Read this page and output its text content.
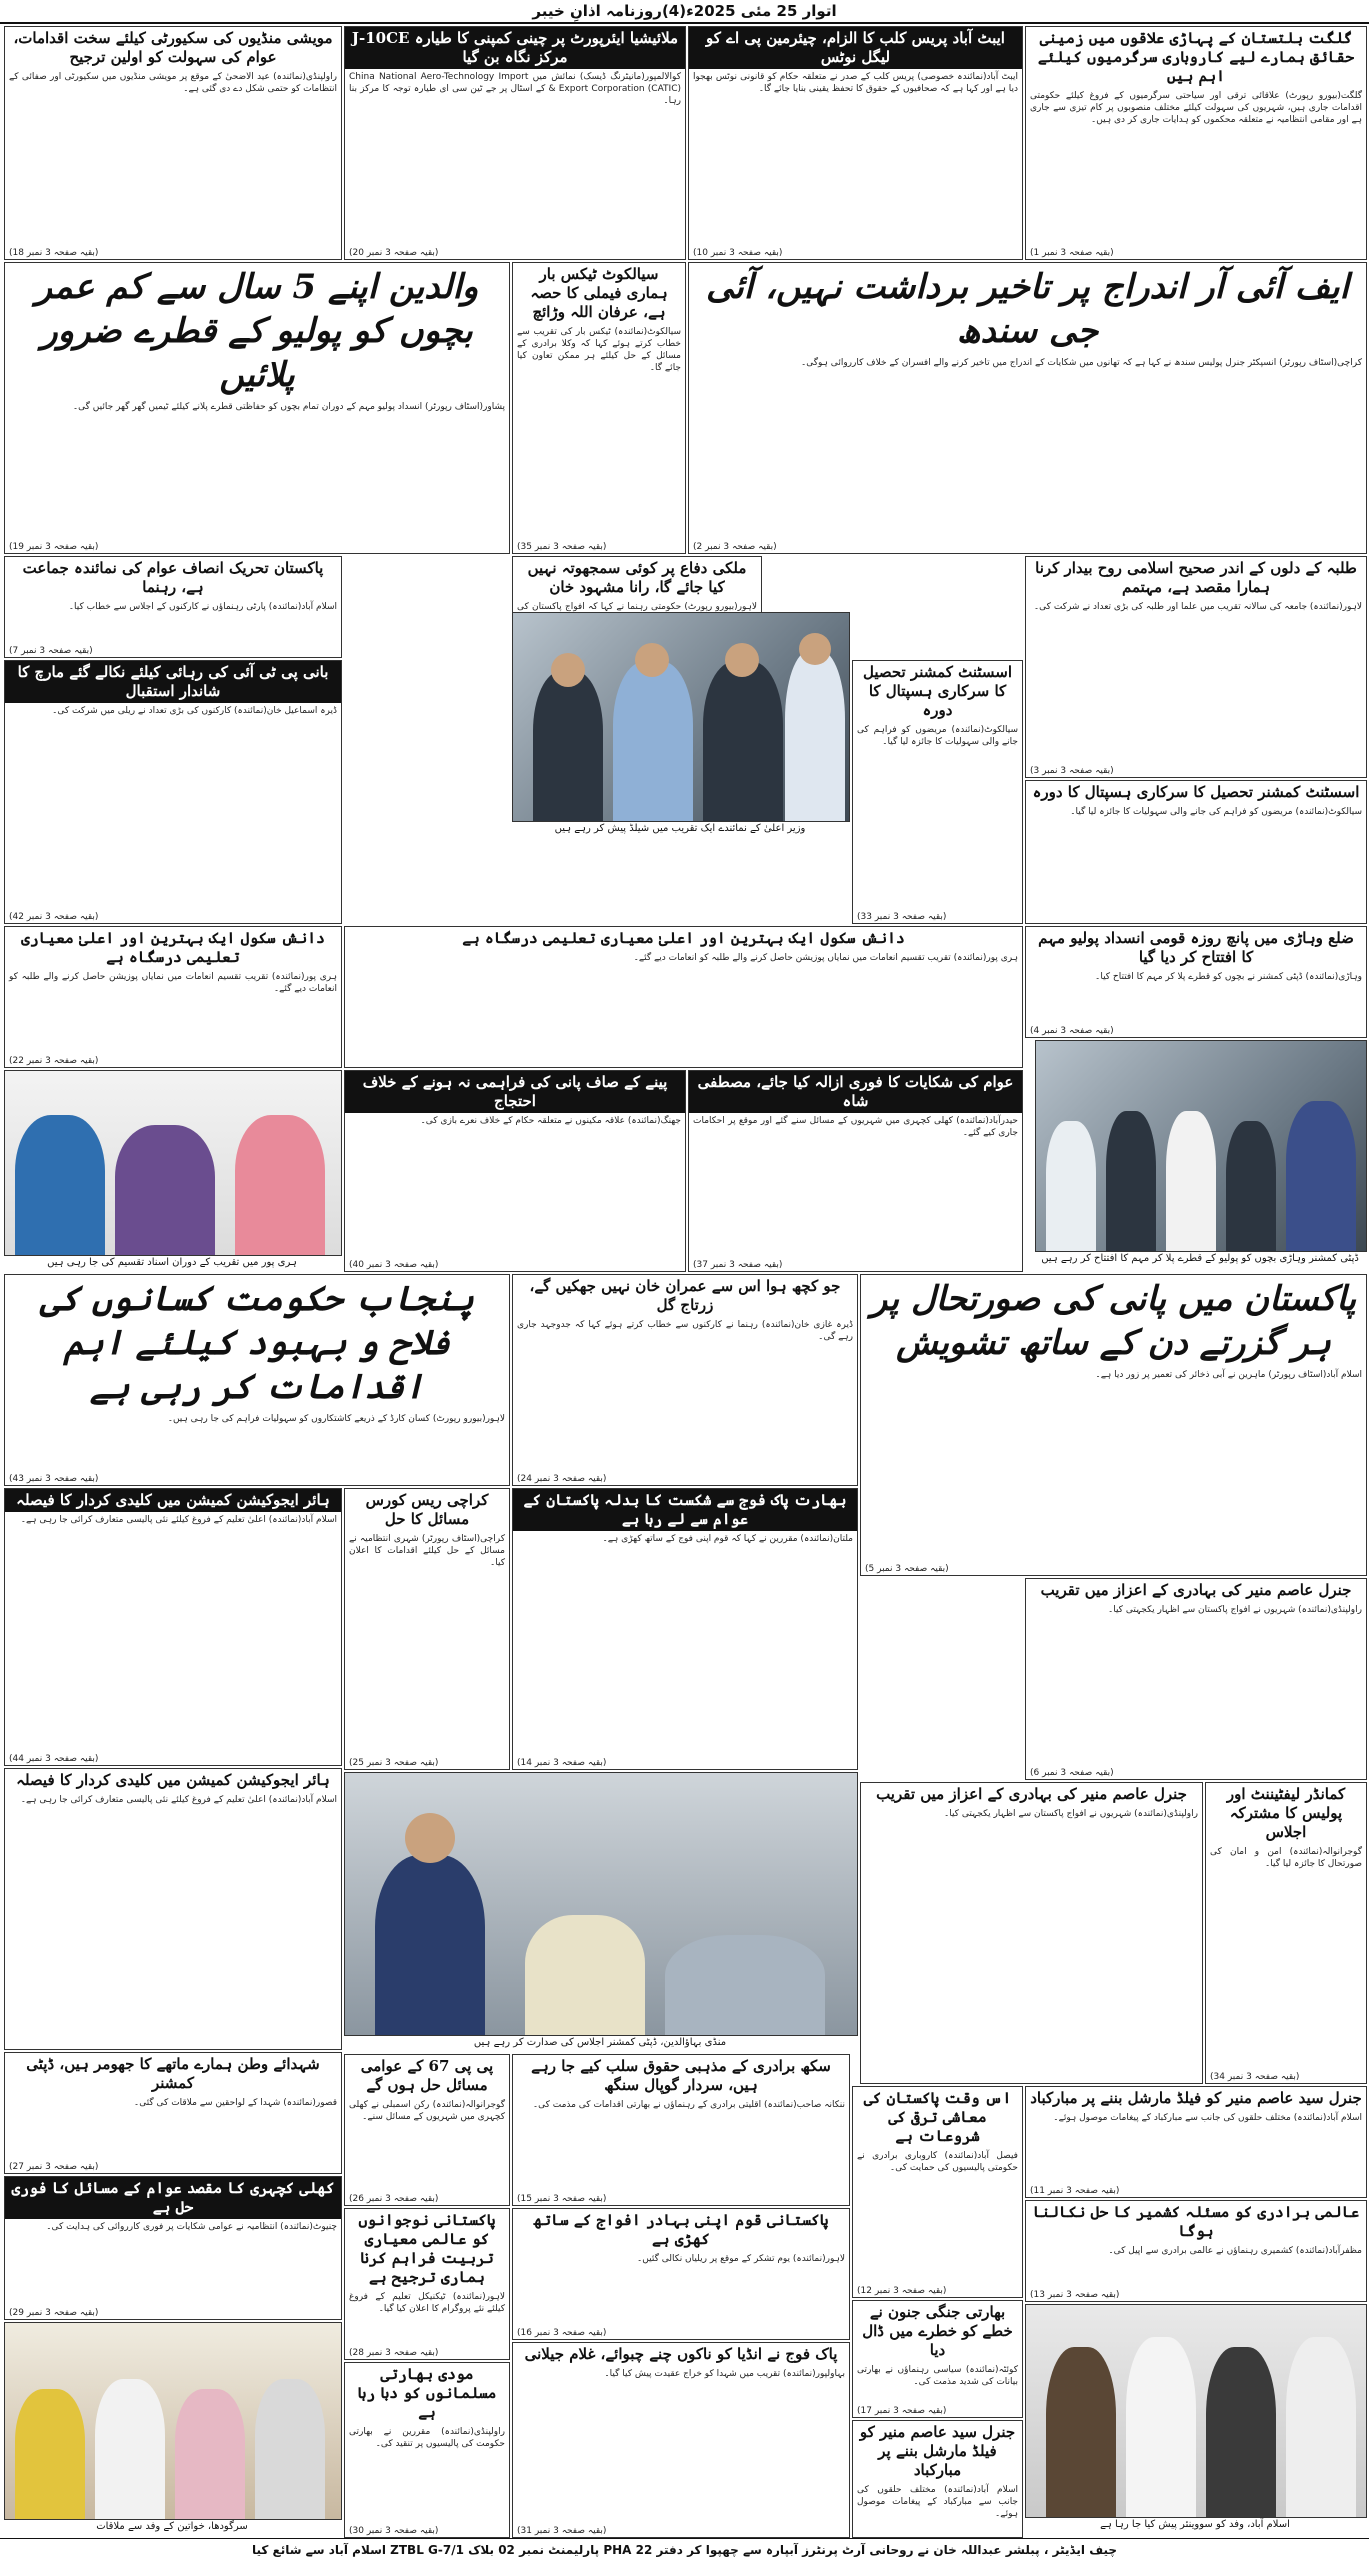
اتوار 25 مئی 2025ء(4)روزنامہ اذانِ خیبر
گلگت بلتستان کے پہاڑی علاقوں میں زمینی حقائق ہمارے لیے کاروباری سرگرمیوں کیلئے اہم ہیں
گلگت(بیورو رپورٹ) علاقائی ترقی اور سیاحتی سرگرمیوں کے فروغ کیلئے حکومتی اقدامات جاری ہیں، شہریوں کی سہولت کیلئے مختلف منصوبوں پر کام تیزی سے جاری ہے اور مقامی انتظامیہ نے متعلقہ محکموں کو ہدایات جاری کر دی ہیں۔
(بقیہ صفحہ 3 نمبر 1)
ایبٹ آباد پریس کلب کا الزام، چیئرمین پی اے کو لیگل نوٹس
ایبٹ آباد(نمائندہ خصوصی) پریس کلب کے صدر نے متعلقہ حکام کو قانونی نوٹس بھجوا دیا ہے اور کہا ہے کہ صحافیوں کے حقوق کا تحفظ یقینی بنایا جائے گا۔
(بقیہ صفحہ 3 نمبر 10)
ملائیشیا ایئرپورٹ پر چینی کمپنی کا طیارہ J-10CE مرکز نگاہ بن گیا
کوالالمپور(مانیٹرنگ ڈیسک) نمائش میں China National Aero-Technology Import & Export Corporation (CATIC) کے اسٹال پر جے ٹین سی ای طیارہ توجہ کا مرکز بنا رہا۔
(بقیہ صفحہ 3 نمبر 20)
مویشی منڈیوں کی سکیورٹی کیلئے سخت اقدامات، عوام کی سہولت کو اولین ترجیح
راولپنڈی(نمائندہ) عید الاضحیٰ کے موقع پر مویشی منڈیوں میں سکیورٹی اور صفائی کے انتظامات کو حتمی شکل دے دی گئی ہے۔
(بقیہ صفحہ 3 نمبر 18)
ایف آئی آر اندراج پر تاخیر برداشت نہیں، آئی جی سندھ
کراچی(اسٹاف رپورٹر) انسپکٹر جنرل پولیس سندھ نے کہا ہے کہ تھانوں میں شکایات کے اندراج میں تاخیر کرنے والے افسران کے خلاف کارروائی ہوگی۔
(بقیہ صفحہ 3 نمبر 2)
سیالکوٹ ٹیکس بار ہماری فیملی کا حصہ ہے، عرفان اللہ وڑائچ
سیالکوٹ(نمائندہ) ٹیکس بار کی تقریب سے خطاب کرتے ہوئے کہا کہ وکلا برادری کے مسائل کے حل کیلئے ہر ممکن تعاون کیا جائے گا۔
(بقیہ صفحہ 3 نمبر 35)
والدین اپنے 5 سال سے کم عمر بچوں کو پولیو کے قطرے ضرور پلائیں
پشاور(اسٹاف رپورٹر) انسداد پولیو مہم کے دوران تمام بچوں کو حفاظتی قطرے پلانے کیلئے ٹیمیں گھر گھر جائیں گی۔
(بقیہ صفحہ 3 نمبر 19)
طلبہ کے دلوں کے اندر صحیح اسلامی روح بیدار کرنا ہمارا مقصد ہے، مہتمم
لاہور(نمائندہ) جامعہ کی سالانہ تقریب میں علما اور طلبہ کی بڑی تعداد نے شرکت کی۔
(بقیہ صفحہ 3 نمبر 3)
ملکی دفاع پر کوئی سمجھوتہ نہیں کیا جائے گا، رانا مشہود خان
لاہور(بیورو رپورٹ) حکومتی رہنما نے کہا کہ افواج پاکستان کی
پاکستان تحریک انصاف عوام کی نمائندہ جماعت ہے، رہنما
اسلام آباد(نمائندہ) پارٹی رہنماؤں نے کارکنوں کے اجلاس سے خطاب کیا۔
(بقیہ صفحہ 3 نمبر 7)
بانی پی ٹی آئی کی رہائی کیلئے نکالے گئے مارچ کا شاندار استقبال
ڈیرہ اسماعیل خان(نمائندہ) کارکنوں کی بڑی تعداد نے ریلی میں شرکت کی۔
(بقیہ صفحہ 3 نمبر 42)
وزیر اعلیٰ کے نمائندے ایک تقریب میں شیلڈ پیش کر رہے ہیں
اسسٹنٹ کمشنر تحصیل کا سرکاری ہسپتال کا دورہ
سیالکوٹ(نمائندہ) مریضوں کو فراہم کی جانے والی سہولیات کا جائزہ لیا گیا۔
(بقیہ صفحہ 3 نمبر 33)
اسسٹنٹ کمشنر تحصیل کا سرکاری ہسپتال کا دورہ
سیالکوٹ(نمائندہ) مریضوں کو فراہم کی جانے والی سہولیات کا جائزہ لیا گیا۔
ضلع وہاڑی میں پانچ روزہ قومی انسداد پولیو مہم کا افتتاح کر دیا گیا
وہاڑی(نمائندہ) ڈپٹی کمشنر نے بچوں کو قطرے پلا کر مہم کا افتتاح کیا۔
(بقیہ صفحہ 3 نمبر 4)
ڈپٹی کمشنر وہاڑی بچوں کو پولیو کے قطرے پلا کر مہم کا افتتاح کر رہے ہیں
دانش سکول ایک بہترین اور اعلیٰ معیاری تعلیمی درسگاہ ہے
ہری پور(نمائندہ) تقریب تقسیم انعامات میں نمایاں پوزیشن حاصل کرنے والے طلبہ کو انعامات دیے گئے۔
(بقیہ صفحہ 3 نمبر 22)
ہری پور میں تقریب کے دوران اسناد تقسیم کی جا رہی ہیں
عوام کی شکایات کا فوری ازالہ کیا جائے، مصطفی شاہ
حیدرآباد(نمائندہ) کھلی کچہری میں شہریوں کے مسائل سنے گئے اور موقع پر احکامات جاری کیے گئے۔
(بقیہ صفحہ 3 نمبر 37)
پینے کے صاف پانی کی فراہمی نہ ہونے کے خلاف احتجاج
جھنگ(نمائندہ) علاقہ مکینوں نے متعلقہ حکام کے خلاف نعرے بازی کی۔
(بقیہ صفحہ 3 نمبر 40)
دانش سکول ایک بہترین اور اعلیٰ معیاری تعلیمی درسگاہ ہے
ہری پور(نمائندہ) تقریب تقسیم انعامات میں نمایاں پوزیشن حاصل کرنے والے طلبہ کو انعامات دیے گئے۔
پاکستان میں پانی کی صورتحال پر ہر گزرتے دن کے ساتھ تشویش
اسلام آباد(اسٹاف رپورٹر) ماہرین نے آبی ذخائر کی تعمیر پر زور دیا ہے۔
(بقیہ صفحہ 3 نمبر 5)
جو کچھ ہوا اس سے عمران خان نہیں جھکیں گے، زرتاج گل
ڈیرہ غازی خان(نمائندہ) رہنما نے کارکنوں سے خطاب کرتے ہوئے کہا کہ جدوجہد جاری رہے گی۔
(بقیہ صفحہ 3 نمبر 24)
پنجاب حکومت کسانوں کی فلاح و بہبود کیلئے اہم اقدامات کر رہی ہے
لاہور(بیورو رپورٹ) کسان کارڈ کے ذریعے کاشتکاروں کو سہولیات فراہم کی جا رہی ہیں۔
(بقیہ صفحہ 3 نمبر 43)
جنرل عاصم منیر کی بہادری کے اعزاز میں تقریب
راولپنڈی(نمائندہ) شہریوں نے افواج پاکستان سے اظہار یکجہتی کیا۔
(بقیہ صفحہ 3 نمبر 6)
بھارت پاک فوج سے شکست کا بدلہ پاکستان کے عوام سے لے رہا ہے
ملتان(نمائندہ) مقررین نے کہا کہ قوم اپنی فوج کے ساتھ کھڑی ہے۔
(بقیہ صفحہ 3 نمبر 14)
کراچی ریس کورس مسائل کا حل
کراچی(اسٹاف رپورٹر) شہری انتظامیہ نے مسائل کے حل کیلئے اقدامات کا اعلان کیا۔
(بقیہ صفحہ 3 نمبر 25)
ہائر ایجوکیشن کمیشن میں کلیدی کردار کا فیصلہ
اسلام آباد(نمائندہ) اعلیٰ تعلیم کے فروغ کیلئے نئی پالیسی متعارف کرائی جا رہی ہے۔
(بقیہ صفحہ 3 نمبر 44)
کمانڈر لیفٹیننٹ اور پولیس کا مشترکہ اجلاس
گوجرانوالہ(نمائندہ) امن و امان کی صورتحال کا جائزہ لیا گیا۔
(بقیہ صفحہ 3 نمبر 34)
جنرل عاصم منیر کی بہادری کے اعزاز میں تقریب
راولپنڈی(نمائندہ) شہریوں نے افواج پاکستان سے اظہار یکجہتی کیا۔
منڈی بہاؤالدین، ڈپٹی کمشنر اجلاس کی صدارت کر رہے ہیں
ہائر ایجوکیشن کمیشن میں کلیدی کردار کا فیصلہ
اسلام آباد(نمائندہ) اعلیٰ تعلیم کے فروغ کیلئے نئی پالیسی متعارف کرائی جا رہی ہے۔
جنرل سید عاصم منیر کو فیلڈ مارشل بننے پر مبارکباد
اسلام آباد(نمائندہ) مختلف حلقوں کی جانب سے مبارکباد کے پیغامات موصول ہوئے۔
(بقیہ صفحہ 3 نمبر 11)
اس وقت پاکستان کی معاشی ترقی کی شروعات ہے
فیصل آباد(نمائندہ) کاروباری برادری نے حکومتی پالیسیوں کی حمایت کی۔
(بقیہ صفحہ 3 نمبر 12)
سکھ برادری کے مذہبی حقوق سلب کیے جا رہے ہیں، سردار گوپال سنگھ
ننکانہ صاحب(نمائندہ) اقلیتی برادری کے رہنماؤں نے بھارتی اقدامات کی مذمت کی۔
(بقیہ صفحہ 3 نمبر 15)
پی پی 67 کے عوامی مسائل حل ہوں گے
گوجرانوالہ(نمائندہ) رکن اسمبلی نے کھلی کچہری میں شہریوں کے مسائل سنے۔
(بقیہ صفحہ 3 نمبر 26)
شہدائے وطن ہمارے ماتھے کا جھومر ہیں، ڈپٹی کمشنر
قصور(نمائندہ) شہدا کے لواحقین سے ملاقات کی گئی۔
(بقیہ صفحہ 3 نمبر 27)
کھلی کچہری کا مقصد عوام کے مسائل کا فوری حل ہے
چنیوٹ(نمائندہ) انتظامیہ نے عوامی شکایات پر فوری کارروائی کی ہدایت کی۔
(بقیہ صفحہ 3 نمبر 29)
عالمی برادری کو مسئلہ کشمیر کا حل نکالنا ہوگا
مظفرآباد(نمائندہ) کشمیری رہنماؤں نے عالمی برادری سے اپیل کی۔
(بقیہ صفحہ 3 نمبر 13)
پاکستانی قوم اپنی بہادر افواج کے ساتھ کھڑی ہے
لاہور(نمائندہ) یوم تشکر کے موقع پر ریلیاں نکالی گئیں۔
(بقیہ صفحہ 3 نمبر 16)
پاکستانی نوجوانوں کو عالمی معیاری تربیت فراہم کرنا ہماری ترجیح ہے
لاہور(نمائندہ) ٹیکنیکل تعلیم کے فروغ کیلئے نئے پروگرام کا اعلان کیا گیا۔
(بقیہ صفحہ 3 نمبر 28)
بھارتی جنگی جنون نے خطے کو خطرے میں ڈال دیا
کوئٹہ(نمائندہ) سیاسی رہنماؤں نے بھارتی بیانات کی شدید مذمت کی۔
(بقیہ صفحہ 3 نمبر 17)
اسلام آباد، وفد کو سووینئر پیش کیا جا رہا ہے
پاک فوج نے انڈیا کو ناکوں چنے چبوائے، غلام جیلانی
بہاولپور(نمائندہ) تقریب میں شہدا کو خراج عقیدت پیش کیا گیا۔
(بقیہ صفحہ 3 نمبر 31)
مودی بھارتی مسلمانوں کو دبا رہا ہے
راولپنڈی(نمائندہ) مقررین نے بھارتی حکومت کی پالیسیوں پر تنقید کی۔
(بقیہ صفحہ 3 نمبر 30)
جنرل سید عاصم منیر کو فیلڈ مارشل بننے پر مبارکباد
اسلام آباد(نمائندہ) مختلف حلقوں کی جانب سے مبارکباد کے پیغامات موصول ہوئے۔
سرگودھا، خواتین کے وفد سے ملاقات
چیف ایڈیٹر ، پبلشر عبداللہ خان نے روحانی آرٹ پرنٹرز آبپارہ سے چھپوا کر دفتر PHA 22 پارلیمنٹ نمبر 02 بلاک ZTBL G-7/1 اسلام آباد سے شائع کیا
